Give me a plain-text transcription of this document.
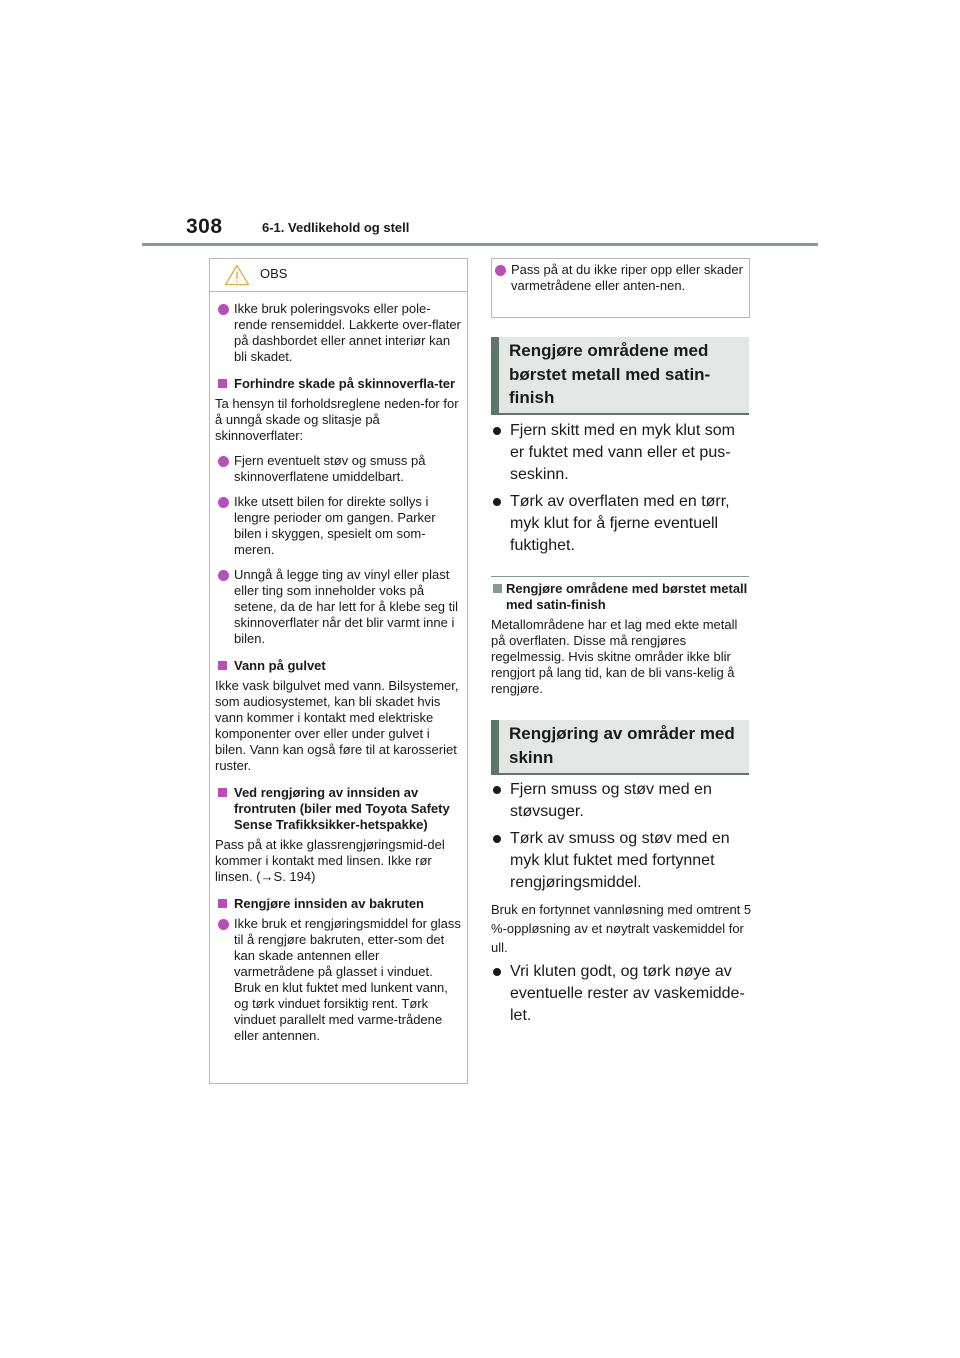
308	6-1. Vedlikehold og stell
OBS
Ikke bruk poleringsvoks eller pole-rende rensemiddel. Lakkerte over-flater på dashbordet eller annet interiør kan bli skadet.
Forhindre skade på skinnoverfla-ter
Ta hensyn til forholdsreglene neden-for for å unngå skade og slitasje på skinnoverflater:
Fjern eventuelt støv og smuss på skinnoverflatene umiddelbart.
Ikke utsett bilen for direkte sollys i lengre perioder om gangen. Parker bilen i skyggen, spesielt om som-meren.
Unngå å legge ting av vinyl eller plast eller ting som inneholder voks på setene, da de har lett for å klebe seg til skinnoverflater når det blir varmt inne i bilen.
Vann på gulvet
Ikke vask bilgulvet med vann. Bilsystemer, som audiosystemet, kan bli skadet hvis vann kommer i kontakt med elektriske komponenter over eller under gulvet i bilen. Vann kan også føre til at karosseriet ruster.
Ved rengjøring av innsiden av frontruten (biler med Toyota Safety Sense Trafikksikker-hetspakke)
Pass på at ikke glassrengjøringsmid-del kommer i kontakt med linsen. Ikke rør linsen. (→S. 194)
Rengjøre innsiden av bakruten
Ikke bruk et rengjøringsmiddel for glass til å rengjøre bakruten, etter-som det kan skade antennen eller varmetrådene på glasset i vinduet. Bruk en klut fuktet med lunkent vann, og tørk vinduet forsiktig rent. Tørk vinduet parallelt med varme-trådene eller antennen.
Pass på at du ikke riper opp eller skader varmetrådene eller anten-nen.
Rengjøre områdene med børstet metall med satin-finish
Fjern skitt med en myk klut som er fuktet med vann eller et pus-seskinn.
Tørk av overflaten med en tørr, myk klut for å fjerne eventuell fuktighet.
Rengjøre områdene med børstet metall med satin-finish
Metallområdene har et lag med ekte metall på overflaten. Disse må rengjøres regelmessig. Hvis skitne områder ikke blir rengjort på lang tid, kan de bli vans-kelig å rengjøre.
Rengjøring av områder med skinn
Fjern smuss og støv med en støvsuger.
Tørk av smuss og støv med en myk klut fuktet med fortynnet rengjøringsmiddel.
Bruk en fortynnet vannløsning med omtrent 5 %-oppløsning av et nøytralt vaskemiddel for ull.
Vri kluten godt, og tørk nøye av eventuelle rester av vaskemidde-let.
